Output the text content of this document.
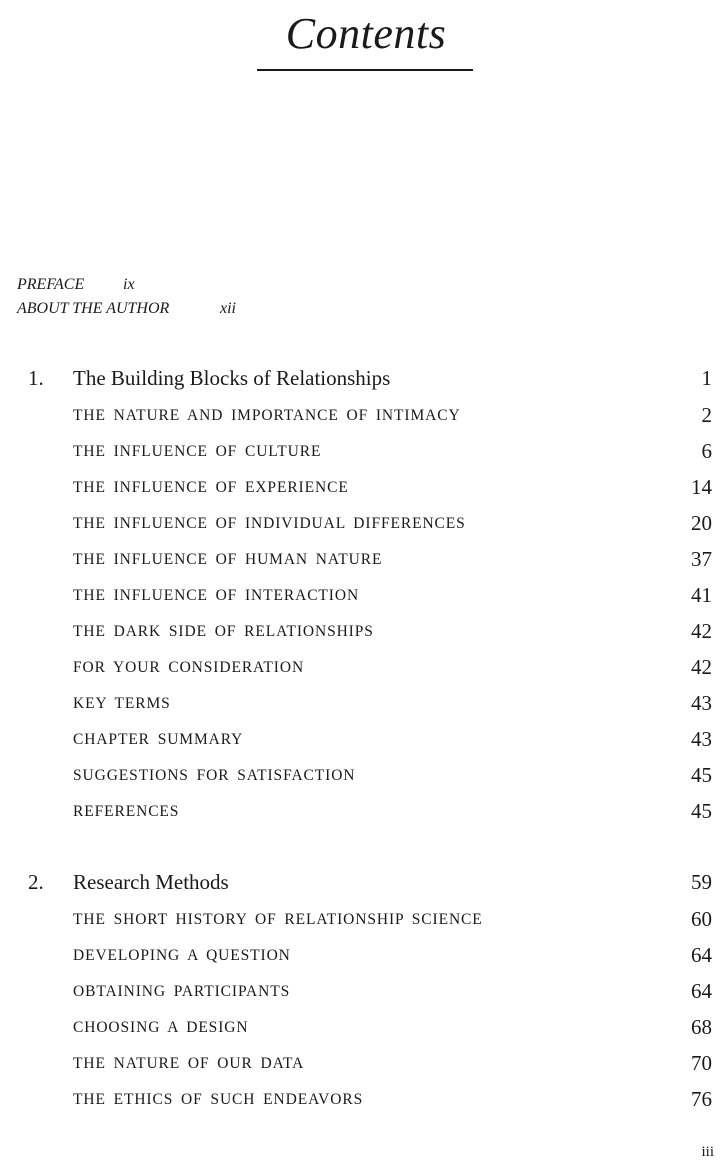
Contents
PREFACE ix
ABOUT THE AUTHOR	xii
1. The Building Blocks of Relationships	1
THE NATURE AND IMPORTANCE OF INTIMACY	2
THE INFLUENCE OF CULTURE	6
THE INFLUENCE OF EXPERIENCE	14
THE INFLUENCE OF INDIVIDUAL DIFFERENCES	20
THE INFLUENCE OF HUMAN NATURE	37
THE INFLUENCE OF INTERACTION	41
THE DARK SIDE OF RELATIONSHIPS	42
FOR YOUR CONSIDERATION	42
KEY TERMS	43
CHAPTER SUMMARY	43
SUGGESTIONS FOR SATISFACTION	45
REFERENCES	45
2. Research Methods	59
THE SHORT HISTORY OF RELATIONSHIP SCIENCE	60
DEVELOPING A QUESTION	64
OBTAINING PARTICIPANTS	64
CHOOSING A DESIGN	68
THE NATURE OF OUR DATA	70
THE ETHICS OF SUCH ENDEAVORS	76
iii
